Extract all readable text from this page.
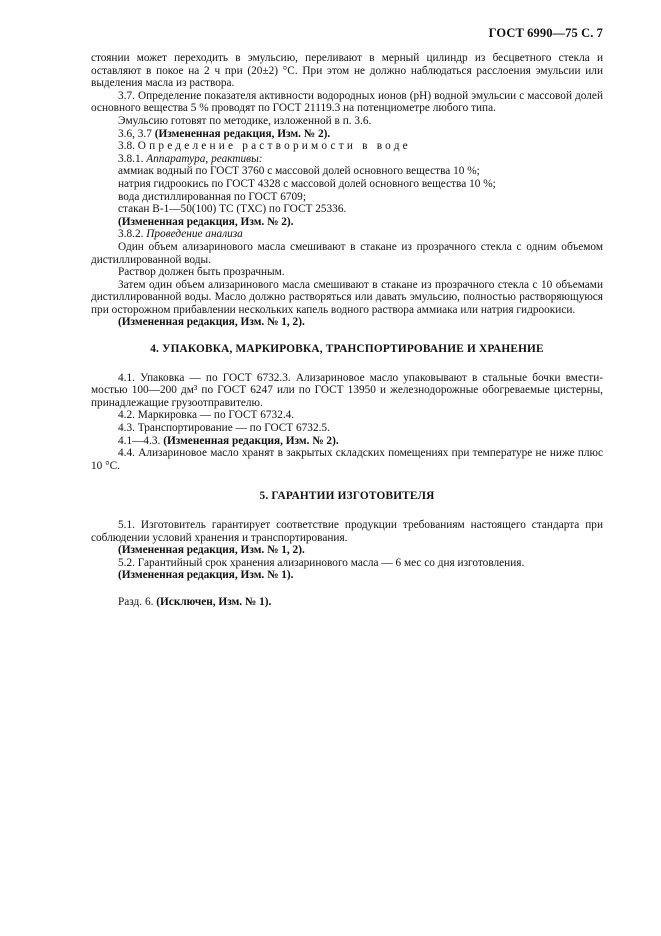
ГОСТ 6990—75 С. 7

стоянии может переходить в эмульсию, переливают в мерный цилиндр из бесцветного стекла и оставляют в покое на 2 ч при (20±2) °С. При этом не должно наблюдаться расслоения эмульсии или выделения масла из раствора.

3.7. Определение показателя активности водородных ионов (pH) водной эмульсии с массовой долей основного вещества 5 % проводят по ГОСТ 21119.3 на потенциометре любого типа.

Эмульсию готовят по методике, изложенной в п. 3.6.

3.6, 3.7 (Измененная редакция, Изм. № 2).

3.8. Определение растворимости в воде

3.8.1. Аппаратура, реактивы:

аммиак водный по ГОСТ 3760 с массовой долей основного вещества 10 %;

натрия гидроокись по ГОСТ 4328 с массовой долей основного вещества 10 %;

вода дистиллированная по ГОСТ 6709;

стакан В-1—50(100) ТС (ТХС) по ГОСТ 25336.

(Измененная редакция, Изм. № 2).

3.8.2. Проведение анализа

Один объем ализаринового масла смешивают в стакане из прозрачного стекла с одним объемом дистиллированной воды.

Раствор должен быть прозрачным.

Затем один объем ализаринового масла смешивают в стакане из прозрачного стекла с 10 объемами дистиллированной воды. Масло должно растворяться или давать эмульсию, полностью растворяющуюся при осторожном прибавлении нескольких капель водного раствора аммиака или натрия гидроокиси.

(Измененная редакция, Изм. № 1, 2).

4. УПАКОВКА, МАРКИРОВКА, ТРАНСПОРТИРОВАНИЕ И ХРАНЕНИЕ

4.1. Упаковка — по ГОСТ 6732.3. Ализариновое масло упаковывают в стальные бочки вмести-мостью 100—200 дм³ по ГОСТ 6247 или по ГОСТ 13950 и железнодорожные обогреваемые цистерны, принадлежащие грузоотправителю.

4.2. Маркировка — по ГОСТ 6732.4.

4.3. Транспортирование — по ГОСТ 6732.5.

4.1—4.3. (Измененная редакция, Изм. № 2).

4.4. Ализариновое масло хранят в закрытых складских помещениях при температуре не ниже плюс 10 °С.

5. ГАРАНТИИ ИЗГОТОВИТЕЛЯ

5.1. Изготовитель гарантирует соответствие продукции требованиям настоящего стандарта при соблюдении условий хранения и транспортирования.

(Измененная редакция, Изм. № 1, 2).

5.2. Гарантийный срок хранения ализаринового масла — 6 мес со дня изготовления.

(Измененная редакция, Изм. № 1).

Разд. 6. (Исключен, Изм. № 1).
